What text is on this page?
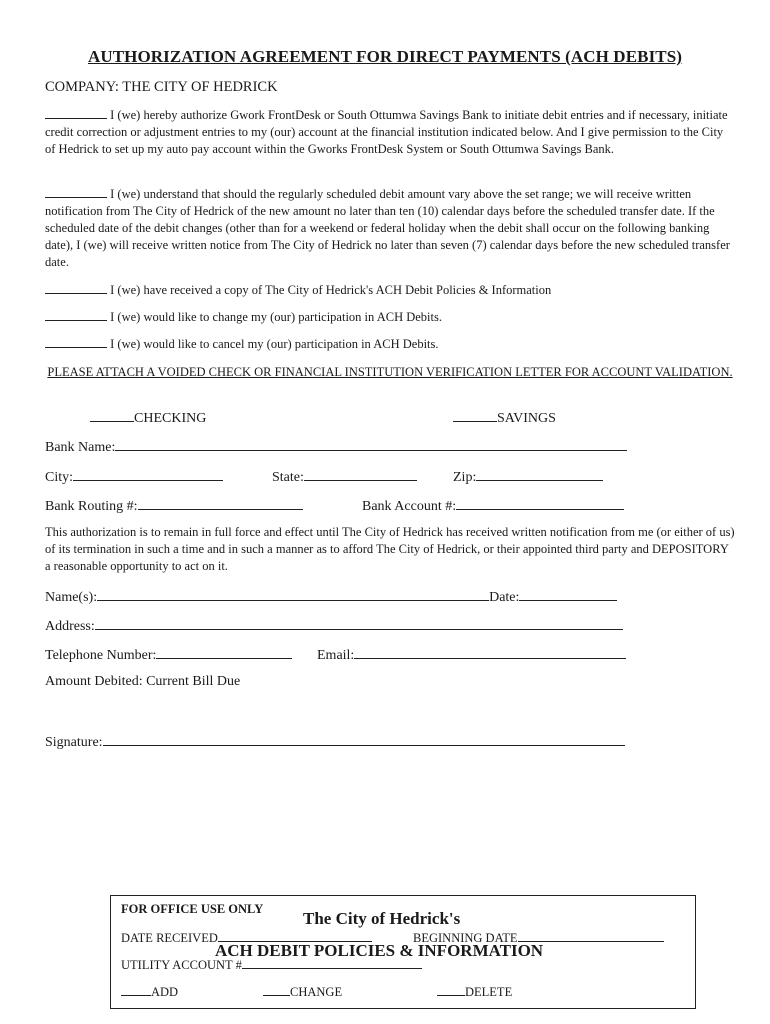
AUTHORIZATION AGREEMENT FOR DIRECT PAYMENTS (ACH DEBITS)
COMPANY: THE CITY OF HEDRICK
I (we) hereby authorize Gwork FrontDesk or South Ottumwa Savings Bank to initiate debit entries and if necessary, initiate credit correction or adjustment entries to my (our) account at the financial institution indicated below. And I give permission to the City of Hedrick to set up my auto pay account within the Gworks FrontDesk System or South Ottumwa Savings Bank.
I (we) understand that should the regularly scheduled debit amount vary above the set range; we will receive written notification from The City of Hedrick of the new amount no later than ten (10) calendar days before the scheduled transfer date. If the scheduled date of the debit changes (other than for a weekend or federal holiday when the debit shall occur on the following banking date), I (we) will receive written notice from The City of Hedrick no later than seven (7) calendar days before the new scheduled transfer date.
I (we) have received a copy of The City of Hedrick's ACH Debit Policies & Information
I (we) would like to change my (our) participation in ACH Debits.
I (we) would like to cancel my (our) participation in ACH Debits.
PLEASE ATTACH A VOIDED CHECK OR FINANCIAL INSTITUTION VERIFICATION LETTER FOR ACCOUNT VALIDATION.
CHECKING	SAVINGS
Bank Name:
City:	State:	Zip:
Bank Routing #:	Bank Account #:
This authorization is to remain in full force and effect until The City of Hedrick has received written notification from me (or either of us) of its termination in such a time and in such a manner as to afford The City of Hedrick, or their appointed third party and DEPOSITORY a reasonable opportunity to act on it.
Name(s):	Date:
Address:
Telephone Number:	Email:
Amount Debited: Current Bill Due
Signature:
FOR OFFICE USE ONLY
DATE RECEIVED	BEGINNING DATE
UTILITY ACCOUNT #
ADD	CHANGE	DELETE
The City of Hedrick's
ACH DEBIT POLICIES & INFORMATION
